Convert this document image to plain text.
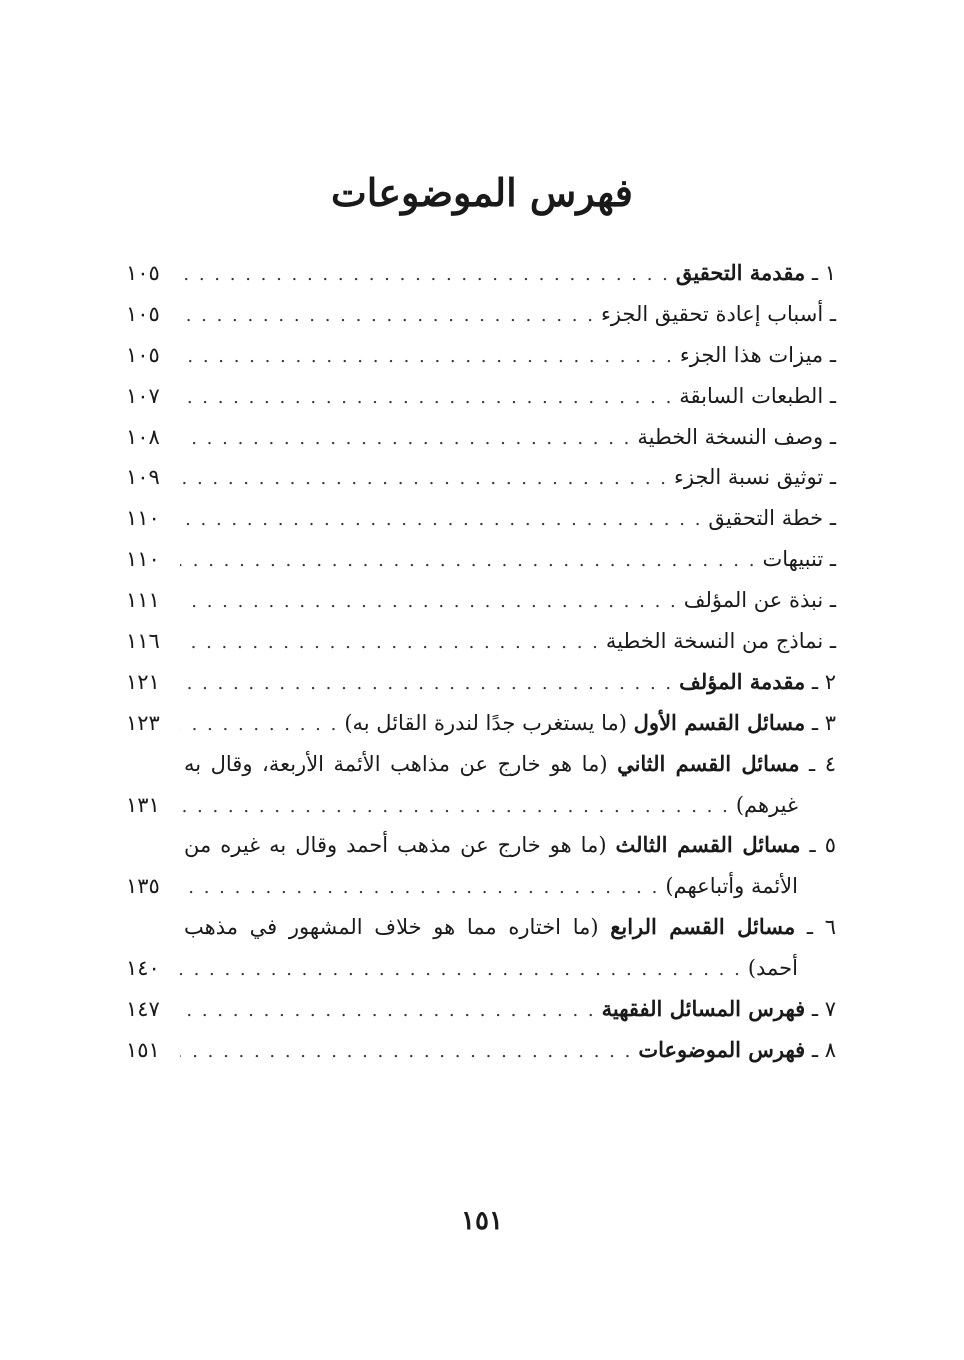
فهرس الموضوعات
١ ـ مقدمة التحقيق
. . .
١٠٥
ـ أسباب إعادة تحقيق الجزء
. . .
١٠٥
ـ ميزات هذا الجزء
. . .
١٠٥
ـ الطبعات السابقة
. . .
١٠٧
ـ وصف النسخة الخطية
. . .
١٠٨
ـ توثيق نسبة الجزء
. . .
١٠٩
ـ خطة التحقيق
. . .
١١٠
ـ تنبيهات
. . .
١١٠
ـ نبذة عن المؤلف
. . .
١١١
ـ نماذج من النسخة الخطية
. . .
١١٦
٢ ـ مقدمة المؤلف
. . .
١٢١
٣ ـ مسائل القسم الأول (ما يستغرب جدًا لندرة القائل به)
. . .
١٢٣
٤ ـ مسائل القسم الثاني (ما هو خارج عن مذاهب الأئمة الأربعة، وقال به
غيرهم)
. . .
١٣١
٥ ـ مسائل القسم الثالث (ما هو خارج عن مذهب أحمد وقال به غيره من
الأئمة وأتباعهم)
. . .
١٣٥
٦ ـ مسائل القسم الرابع (ما اختاره مما هو خلاف المشهور في مذهب
أحمد)
. . .
١٤٠
٧ ـ فهرس المسائل الفقهية
. . .
١٤٧
٨ ـ فهرس الموضوعات
. . .
١٥١
١٥١
